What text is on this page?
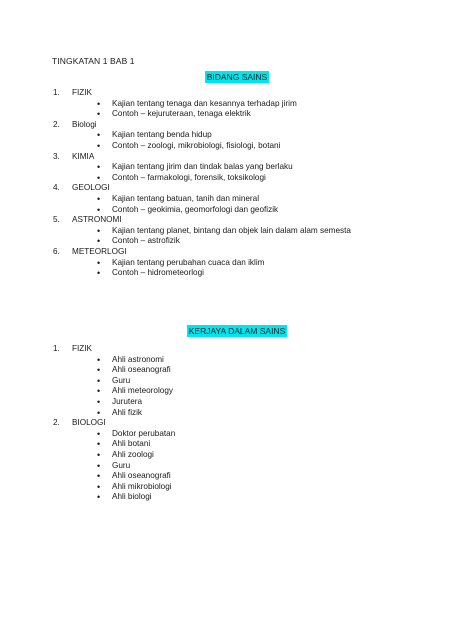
TINGKATAN 1 BAB 1
BIDANG SAINS
1.	FIZIK
•	Kajian tentang tenaga dan kesannya terhadap jirim
•	Contoh – kejuruteraan, tenaga elektrik
2.	Biologi
•	Kajian tentang benda hidup
•	Contoh – zoologi, mikrobiologi, fisiologi, botani
3.	KIMIA
•	Kajian tentang jirim dan tindak balas yang berlaku
•	Contoh – farmakologi, forensik, toksikologi
4.	GEOLOGI
•	Kajian tentang batuan, tanih dan mineral
•	Contoh – geokimia, geomorfologi dan geofizik
5.	ASTRONOMI
•	Kajian tentang planet, bintang dan objek lain dalam alam semesta
•	Contoh – astrofizik
6.	METEORLOGI
•	Kajian tentang perubahan cuaca dan iklim
•	Contoh – hidrometeorlogi
KERJAYA DALAM SAINS
1.	FIZIK
•	Ahli astronomi
•	Ahli oseanografi
•	Guru
•	Ahli meteorology
•	Jurutera
•	Ahli fizik
2.	BIOLOGI
•	Doktor perubatan
•	Ahli botani
•	Ahli zoologi
•	Guru
•	Ahli oseanografi
•	Ahli mikrobiologi
•	Ahli biologi
